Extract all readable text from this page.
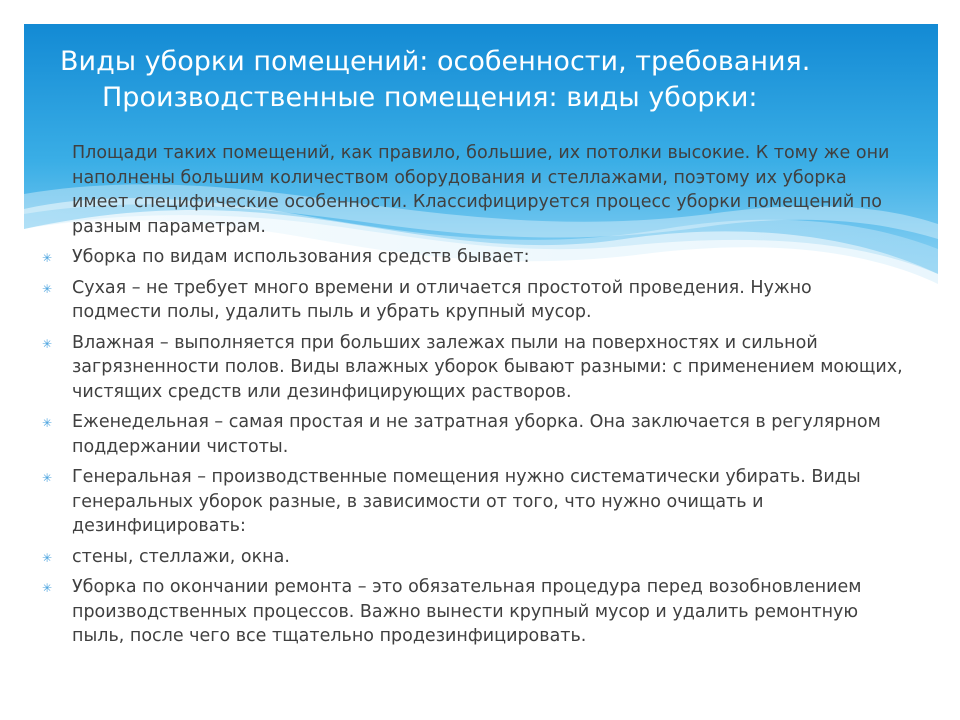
Виды уборки помещений: особенности, требования.
Производственные помещения: виды уборки:

Площади таких помещений, как правило, большие, их потолки высокие. К тому же они наполнены большим количеством оборудования и стеллажами, поэтому их уборка имеет специфические особенности. Классифицируется процесс уборки помещений по разным параметрам.

✳ Уборка по видам использования средств бывает:
✳ Сухая – не требует много времени и отличается простотой проведения. Нужно подмести полы, удалить пыль и убрать крупный мусор.
✳ Влажная – выполняется при больших залежах пыли на поверхностях и сильной загрязненности полов. Виды влажных уборок бывают разными: с применением моющих, чистящих средств или дезинфицирующих растворов.
✳ Еженедельная – самая простая и не затратная уборка. Она заключается в регулярном поддержании чистоты.
✳ Генеральная – производственные помещения нужно систематически убирать. Виды генеральных уборок разные, в зависимости от того, что нужно очищать и дезинфицировать:
✳ стены, стеллажи, окна.
✳ Уборка по окончании ремонта – это обязательная процедура перед возобновлением производственных процессов. Важно вынести крупный мусор и удалить ремонтную пыль, после чего все тщательно продезинфицировать.
